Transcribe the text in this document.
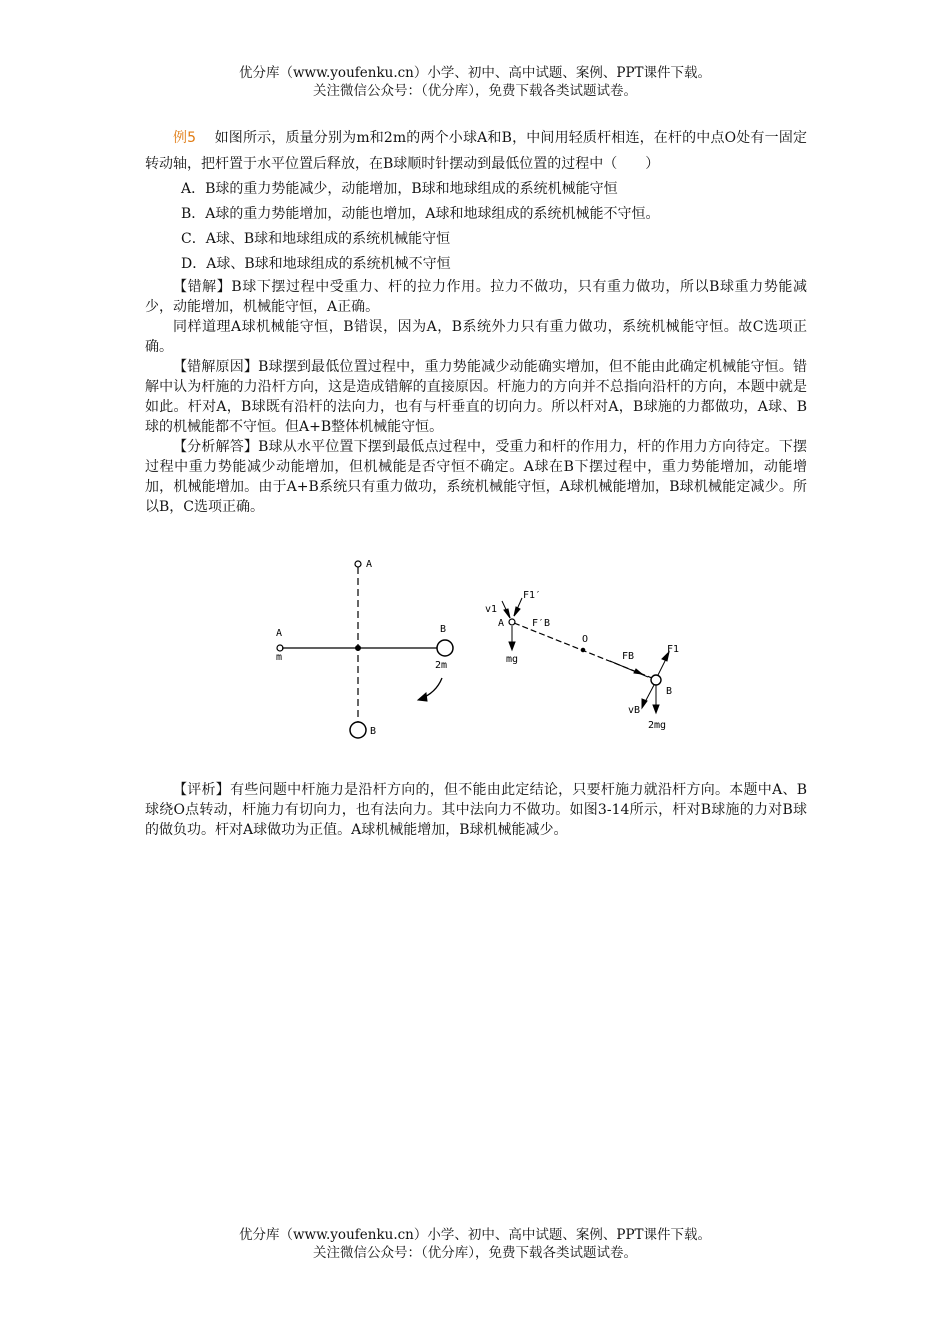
优分库（www.youfenku.cn）小学、初中、高中试题、案例、PPT课件下载。
关注微信公众号：（优分库），免费下载各类试题试卷。

例5 如图所示，质量分别为m和2m的两个小球A和B，中间用轻质杆相连，在杆的中点O处有一固定转动轴，把杆置于水平位置后释放，在B球顺时针摆动到最低位置的过程中（　　）

A．B球的重力势能减少，动能增加，B球和地球组成的系统机械能守恒

B．A球的重力势能增加，动能也增加，A球和地球组成的系统机械能不守恒。

C．A球、B球和地球组成的系统机械能守恒

D．A球、B球和地球组成的系统机械不守恒

【错解】B球下摆过程中受重力、杆的拉力作用。拉力不做功，只有重力做功，所以B球重力势能减少，动能增加，机械能守恒，A正确。

同样道理A球机械能守恒，B错误，因为A，B系统外力只有重力做功，系统机械能守恒。故C选项正确。

【错解原因】B球摆到最低位置过程中，重力势能减少动能确实增加，但不能由此确定机械能守恒。错解中认为杆施的力沿杆方向，这是造成错解的直接原因。杆施力的方向并不总指向沿杆的方向，本题中就是如此。杆对A，B球既有沿杆的法向力，也有与杆垂直的切向力。所以杆对A，B球施的力都做功，A球、B球的机械能都不守恒。但A+B整体机械能守恒。

【分析解答】B球从水平位置下摆到最低点过程中，受重力和杆的作用力，杆的作用力方向待定。下摆过程中重力势能减少动能增加，但机械能是否守恒不确定。A球在B下摆过程中，重力势能增加，动能增加，机械能增加。由于A+B系统只有重力做功，系统机械能守恒，A球机械能增加，B球机械能定减少。所以B，C选项正确。

A
A
m
B
2m
B
v1
A
F1′
F′B
O
mg	FB
F1
B
vB
2mg

【评析】有些问题中杆施力是沿杆方向的，但不能由此定结论，只要杆施力就沿杆方向。本题中A、B球绕O点转动，杆施力有切向力，也有法向力。其中法向力不做功。如图3-14所示，杆对B球施的力对B球的做负功。杆对A球做功为正值。A球机械能增加，B球机械能减少。

优分库（www.youfenku.cn）小学、初中、高中试题、案例、PPT课件下载。
关注微信公众号：（优分库），免费下载各类试题试卷。
